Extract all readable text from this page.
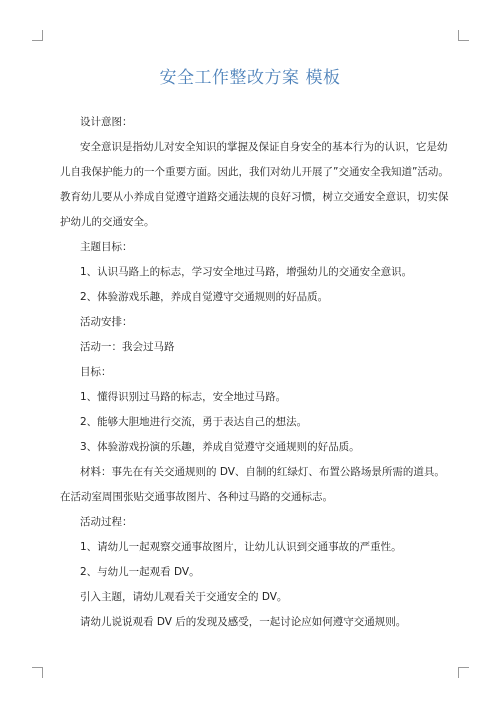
安全工作整改方案 模板
设计意图：
安全意识是指幼儿对安全知识的掌握及保证自身安全的基本行为的认识，它是幼
儿自我保护能力的一个重要方面。因此，我们对幼儿开展了”交通安全我知道”活动。
教育幼儿要从小养成自觉遵守道路交通法规的良好习惯，树立交通安全意识，切实保
护幼儿的交通安全。
主题目标：
1、认识马路上的标志，学习安全地过马路，增强幼儿的交通安全意识。
2、体验游戏乐趣，养成自觉遵守交通规则的好品质。
活动安排：
活动一：我会过马路
目标：
1、懂得识别过马路的标志，安全地过马路。
2、能够大胆地进行交流，勇于表达自己的想法。
3、体验游戏扮演的乐趣，养成自觉遵守交通规则的好品质。
材料：事先在有关交通规则的 DV、自制的红绿灯、布置公路场景所需的道具。
在活动室周围张贴交通事故图片、各种过马路的交通标志。
活动过程：
1、请幼儿一起观察交通事故图片，让幼儿认识到交通事故的严重性。
2、与幼儿一起观看 DV。
引入主题，请幼儿观看关于交通安全的 DV。
请幼儿说说观看 DV 后的发现及感受，一起讨论应如何遵守交通规则。
